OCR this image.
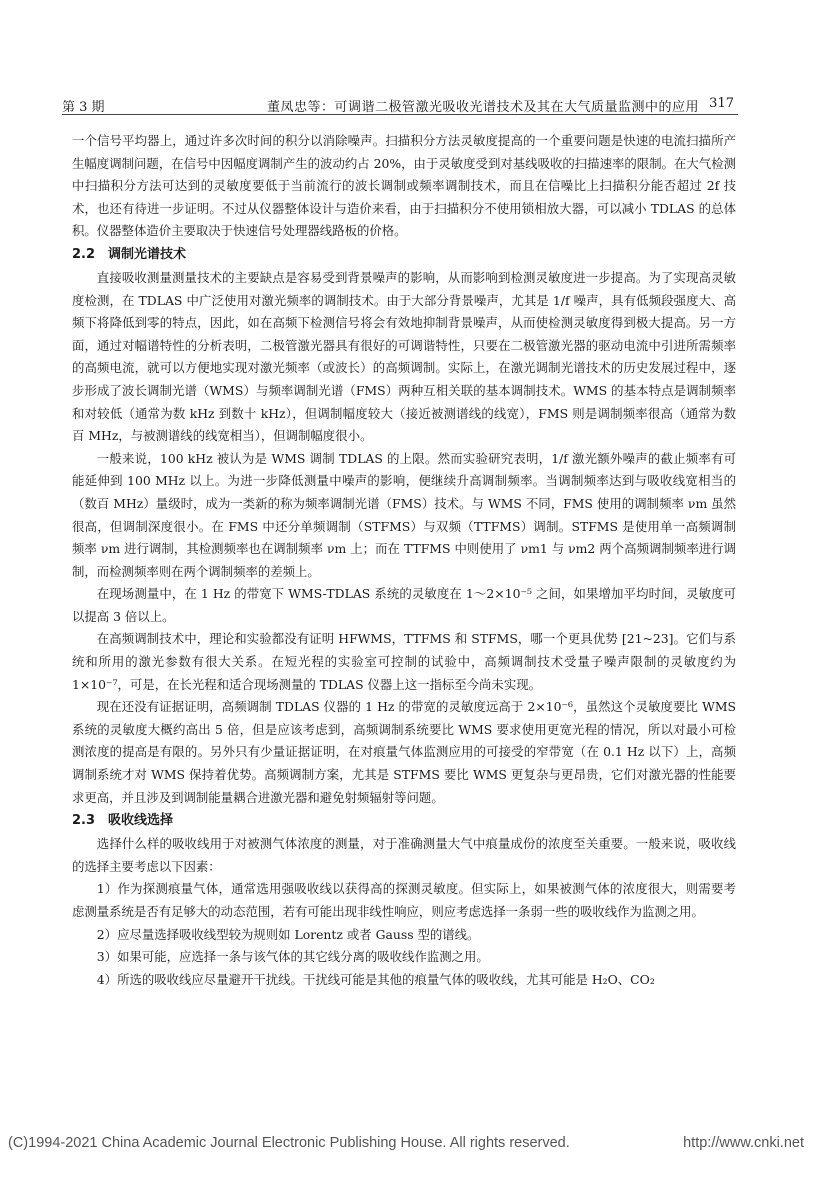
第 3 期	董凤忠等：可调谐二极管激光吸收光谱技术及其在大气质量监测中的应用 317

一个信号平均器上，通过许多次时间的积分以消除噪声。扫描积分方法灵敏度提高的一个重要问题是快速的电流扫描所产生幅度调制问题，在信号中因幅度调制产生的波动约占 20%，由于灵敏度受到对基线吸收的扫描速率的限制。在大气检测中扫描积分方法可达到的灵敏度要低于当前流行的波长调制或频率调制技术，而且在信噪比上扫描积分能否超过 2f 技术，也还有待进一步证明。不过从仪器整体设计与造价来看，由于扫描积分不使用锁相放大器，可以减小 TDLAS 的总体积。仪器整体造价主要取决于快速信号处理器线路板的价格。

2.2　调制光谱技术

直接吸收测量测量技术的主要缺点是容易受到背景噪声的影响，从而影响到检测灵敏度进一步提高。为了实现高灵敏度检测，在 TDLAS 中广泛使用对激光频率的调制技术。由于大部分背景噪声，尤其是 1/f 噪声，具有低频段强度大、高频下将降低到零的特点，因此，如在高频下检测信号将会有效地抑制背景噪声，从而使检测灵敏度得到极大提高。另一方面，通过对幅谱特性的分析表明，二极管激光器具有很好的可调谐特性，只要在二极管激光器的驱动电流中引进所需频率的高频电流，就可以方便地实现对激光频率（或波长）的高频调制。实际上，在激光调制光谱技术的历史发展过程中，逐步形成了波长调制光谱（WMS）与频率调制光谱（FMS）两种互相关联的基本调制技术。WMS 的基本特点是调制频率和对较低（通常为数 kHz 到数十 kHz），但调制幅度较大（接近被测谱线的线宽），FMS 则是调制频率很高（通常为数百 MHz，与被测谱线的线宽相当），但调制幅度很小。

一般来说，100 kHz 被认为是 WMS 调制 TDLAS 的上限。然而实验研究表明，1/f 激光额外噪声的截止频率有可能延伸到 100 MHz 以上。为进一步降低测量中噪声的影响，便继续升高调制频率。当调制频率达到与吸收线宽相当的（数百 MHz）量级时，成为一类新的称为频率调制光谱（FMS）技术。与 WMS 不同，FMS 使用的调制频率 νm 虽然很高，但调制深度很小。在 FMS 中还分单频调制（STFMS）与双频（TTFMS）调制。STFMS 是使用单一高频调制频率 νm 进行调制，其检测频率也在调制频率 νm 上；而在 TTFMS 中则使用了 νm1 与 νm2 两个高频调制频率进行调制，而检测频率则在两个调制频率的差频上。

在现场测量中，在 1 Hz 的带宽下 WMS-TDLAS 系统的灵敏度在 1～2×10⁻⁵ 之间，如果增加平均时间，灵敏度可以提高 3 倍以上。

在高频调制技术中，理论和实验都没有证明 HFWMS，TTFMS 和 STFMS，哪一个更具优势 [21~23]。它们与系统和所用的激光参数有很大关系。在短光程的实验室可控制的试验中，高频调制技术受量子噪声限制的灵敏度约为 1×10⁻⁷，可是，在长光程和适合现场测量的 TDLAS 仪器上这一指标至今尚未实现。

现在还没有证据证明，高频调制 TDLAS 仪器的 1 Hz 的带宽的灵敏度远高于 2×10⁻⁶，虽然这个灵敏度要比 WMS 系统的灵敏度大概约高出 5 倍，但是应该考虑到，高频调制系统要比 WMS 要求使用更宽光程的情况，所以对最小可检测浓度的提高是有限的。另外只有少量证据证明，在对痕量气体监测应用的可接受的窄带宽（在 0.1 Hz 以下）上，高频调制系统才对 WMS 保持着优势。高频调制方案，尤其是 STFMS 要比 WMS 更复杂与更昂贵，它们对激光器的性能要求更高，并且涉及到调制能量耦合进激光器和避免射频辐射等问题。

2.3　吸收线选择

选择什么样的吸收线用于对被测气体浓度的测量，对于准确测量大气中痕量成份的浓度至关重要。一般来说，吸收线的选择主要考虑以下因素：

1）作为探测痕量气体，通常选用强吸收线以获得高的探测灵敏度。但实际上，如果被测气体的浓度很大，则需要考虑测量系统是否有足够大的动态范围，若有可能出现非线性响应，则应考虑选择一条弱一些的吸收线作为监测之用。

2）应尽量选择吸收线型较为规则如 Lorentz 或者 Gauss 型的谱线。

3）如果可能，应选择一条与该气体的其它线分离的吸收线作监测之用。

4）所选的吸收线应尽量避开干扰线。干扰线可能是其他的痕量气体的吸收线，尤其可能是 H₂O、CO₂

(C)1994-2021 China Academic Journal Electronic Publishing House. All rights reserved.	http://www.cnki.net
